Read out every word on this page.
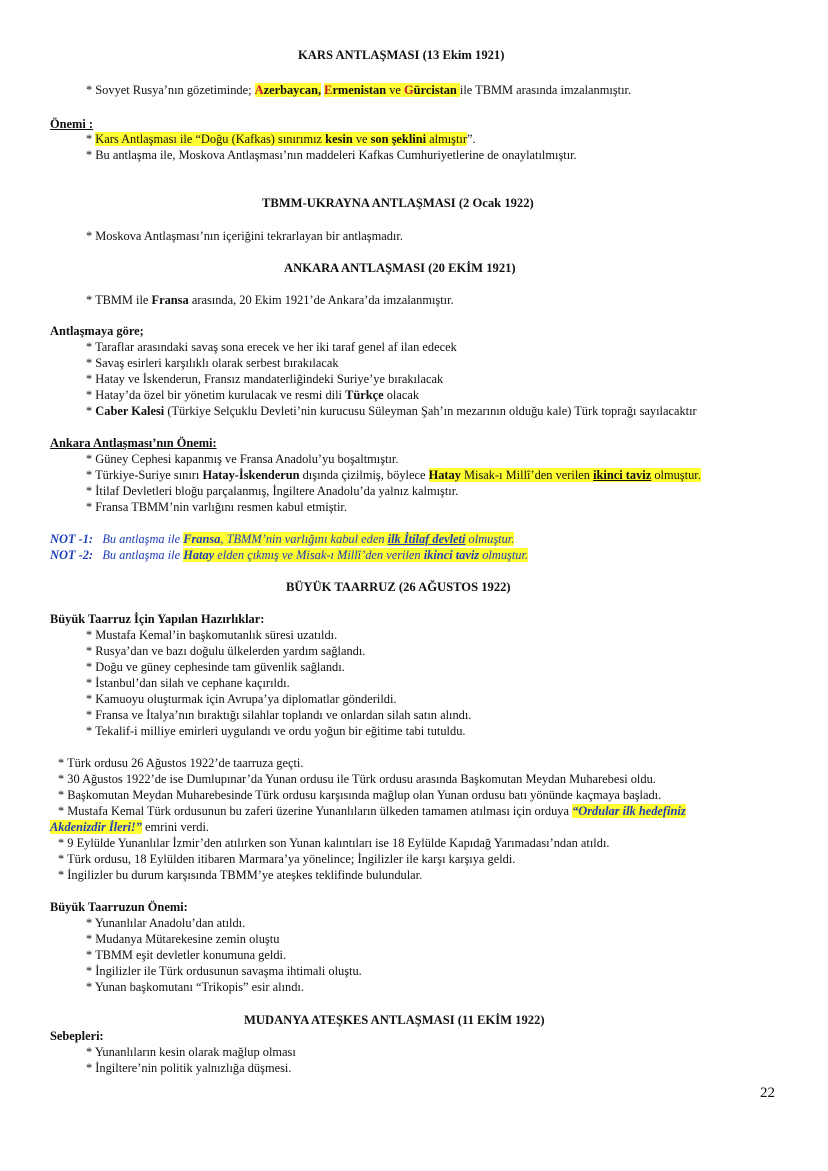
KARS ANTLAŞMASI (13 Ekim 1921)
* Sovyet Rusya’nın gözetiminde; Azerbaycan, Ermenistan ve Gürcistan ile TBMM arasında imzalanmıştır.
Önemi :
* Kars Antlaşması ile “Doğu (Kafkas) sınırımız kesin ve son şeklini almıştır”.
* Bu antlaşma ile, Moskova Antlaşması’nın maddeleri Kafkas Cumhuriyetlerine de onaylatılmıştır.
TBMM-UKRAYNA ANTLAŞMASI (2 Ocak 1922)
* Moskova Antlaşması’nın içeriğini tekrarlayan bir antlaşmadır.
ANKARA ANTLAŞMASI (20 EKİM 1921)
* TBMM ile Fransa arasında, 20 Ekim 1921’de Ankara’da imzalanmıştır.
Antlaşmaya göre;
* Taraflar arasındaki savaş sona erecek ve her iki taraf genel af ilan edecek
* Savaş esirleri karşılıklı olarak serbest bırakılacak
* Hatay ve İskenderun, Fransız mandaterliğindeki Suriye’ye bırakılacak
* Hatay’da özel bir yönetim kurulacak ve resmi dili Türkçe olacak
* Caber Kalesi (Türkiye Selçuklu Devleti’nin kurucusu Süleyman Şah’ın mezarının olduğu kale) Türk toprağı sayılacaktır
Ankara Antlaşması’nın Önemi:
* Güney Cephesi kapanmış ve Fransa Anadolu’yu boşaltmıştır.
* Türkiye-Suriye sınırı Hatay-İskenderun dışında çizilmiş, böylece Hatay Misak-ı Millî’den verilen ikinci taviz olmuştur.
* İtilaf Devletleri bloğu parçalanmış, İngiltere Anadolu’da yalnız kalmıştır.
* Fransa TBMM’nin varlığını resmen kabul etmiştir.
NOT -1: Bu antlaşma ile Fransa, TBMM’nin varlığını kabul eden ilk İtilaf devleti olmuştur.
NOT -2: Bu antlaşma ile Hatay elden çıkmış ve Misak-ı Millî’den verilen ikinci taviz olmuştur.
BÜYÜK TAARRUZ (26 AĞUSTOS 1922)
Büyük Taarruz İçin Yapılan Hazırlıklar:
* Mustafa Kemal’in başkomutanlık süresi uzatıldı.
* Rusya’dan ve bazı doğulu ülkelerden yardım sağlandı.
* Doğu ve güney cephesinde tam güvenlik sağlandı.
* İstanbul’dan silah ve cephane kaçırıldı.
* Kamuoyu oluşturmak için Avrupa’ya diplomatlar gönderildi.
* Fransa ve İtalya’nın bıraktığı silahlar toplandı ve onlardan silah satın alındı.
* Tekalif-i milliye emirleri uygulandı ve ordu yoğun bir eğitime tabi tutuldu.
* Türk ordusu 26 Ağustos 1922’de taarruza geçti.
* 30 Ağustos 1922’de ise Dumlupınar’da Yunan ordusu ile Türk ordusu arasında Başkomutan Meydan Muharebesi oldu.
* Başkomutan Meydan Muharebesinde Türk ordusu karşısında mağlup olan Yunan ordusu batı yönünde kaçmaya başladı.
* Mustafa Kemal Türk ordusunun bu zaferi üzerine Yunanlıların ülkeden tamamen atılması için orduya “Ordular ilk hedefiniz
Akdenizdir İleri!” emrini verdi.
* 9 Eylülde Yunanlılar İzmir’den atılırken son Yunan kalıntıları ise 18 Eylülde Kapıdağ Yarımadası’ndan atıldı.
* Türk ordusu, 18 Eylülden itibaren Marmara’ya yönelince; İngilizler ile karşı karşıya geldi.
* İngilizler bu durum karşısında TBMM’ye ateşkes teklifinde bulundular.
Büyük Taarruzun Önemi:
* Yunanlılar Anadolu’dan atıldı.
* Mudanya Mütarekesine zemin oluştu
* TBMM eşit devletler konumuna geldi.
* İngilizler ile Türk ordusunun savaşma ihtimali oluştu.
* Yunan başkomutanı “Trikopis” esir alındı.
MUDANYA ATEŞKES ANTLAŞMASI (11 EKİM 1922)
Sebepleri:
* Yunanlıların kesin olarak mağlup olması
* İngiltere’nin politik yalnızlığa düşmesi.
22
